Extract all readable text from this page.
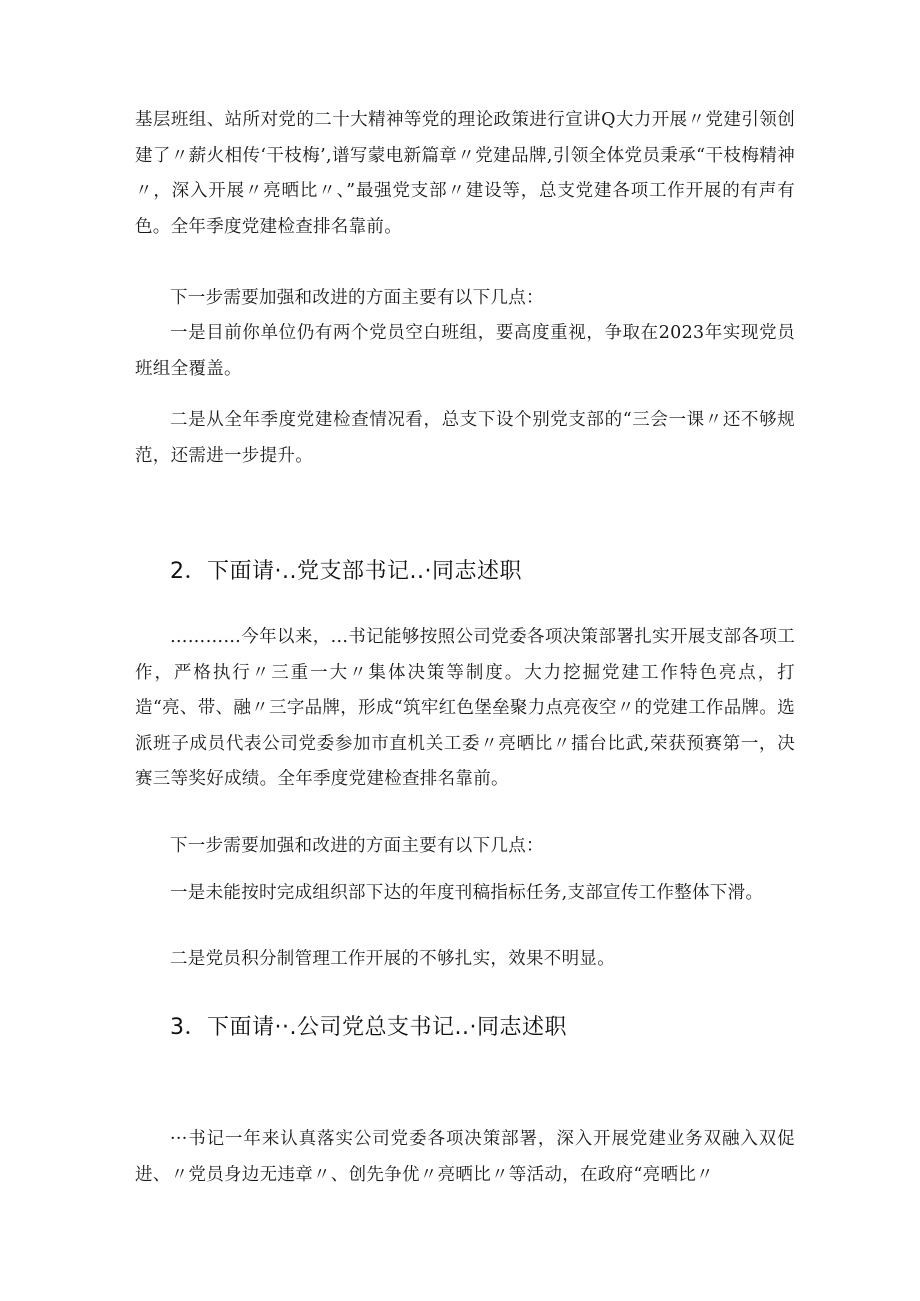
基层班组、站所对党的二十大精神等党的理论政策进行宣讲Q大力开展〃党建引领创建了〃薪火相传‘干枝梅’,谱写蒙电新篇章〃党建品牌,引领全体党员秉承“干枝梅精神〃，深入开展〃亮晒比〃、”最强党支部〃建设等，总支党建各项工作开展的有声有色。全年季度党建检查排名靠前。

下一步需要加强和改进的方面主要有以下几点：

一是目前你单位仍有两个党员空白班组，要高度重视，争取在2023年实现党员班组全覆盖。

二是从全年季度党建检查情况看，总支下设个别党支部的“三会一课〃还不够规范，还需进一步提升。

2．下面请·..党支部书记..·同志述职

…………今年以来，...书记能够按照公司党委各项决策部署扎实开展支部各项工作，严格执行〃三重一大〃集体决策等制度。大力挖掘党建工作特色亮点，打造“亮、带、融〃三字品牌，形成“筑牢红色堡垒聚力点亮夜空〃的党建工作品牌。选派班子成员代表公司党委参加市直机关工委〃亮晒比〃擂台比武,荣获预赛第一，决赛三等奖好成绩。全年季度党建检查排名靠前。

下一步需要加强和改进的方面主要有以下几点：

一是未能按时完成组织部下达的年度刊稿指标任务,支部宣传工作整体下滑。

二是党员积分制管理工作开展的不够扎实，效果不明显。

3．下面请··.公司党总支书记..·同志述职

···书记一年来认真落实公司党委各项决策部署，深入开展党建业务双融入双促进、〃党员身边无违章〃、创先争优〃亮晒比〃等活动，在政府“亮晒比〃
